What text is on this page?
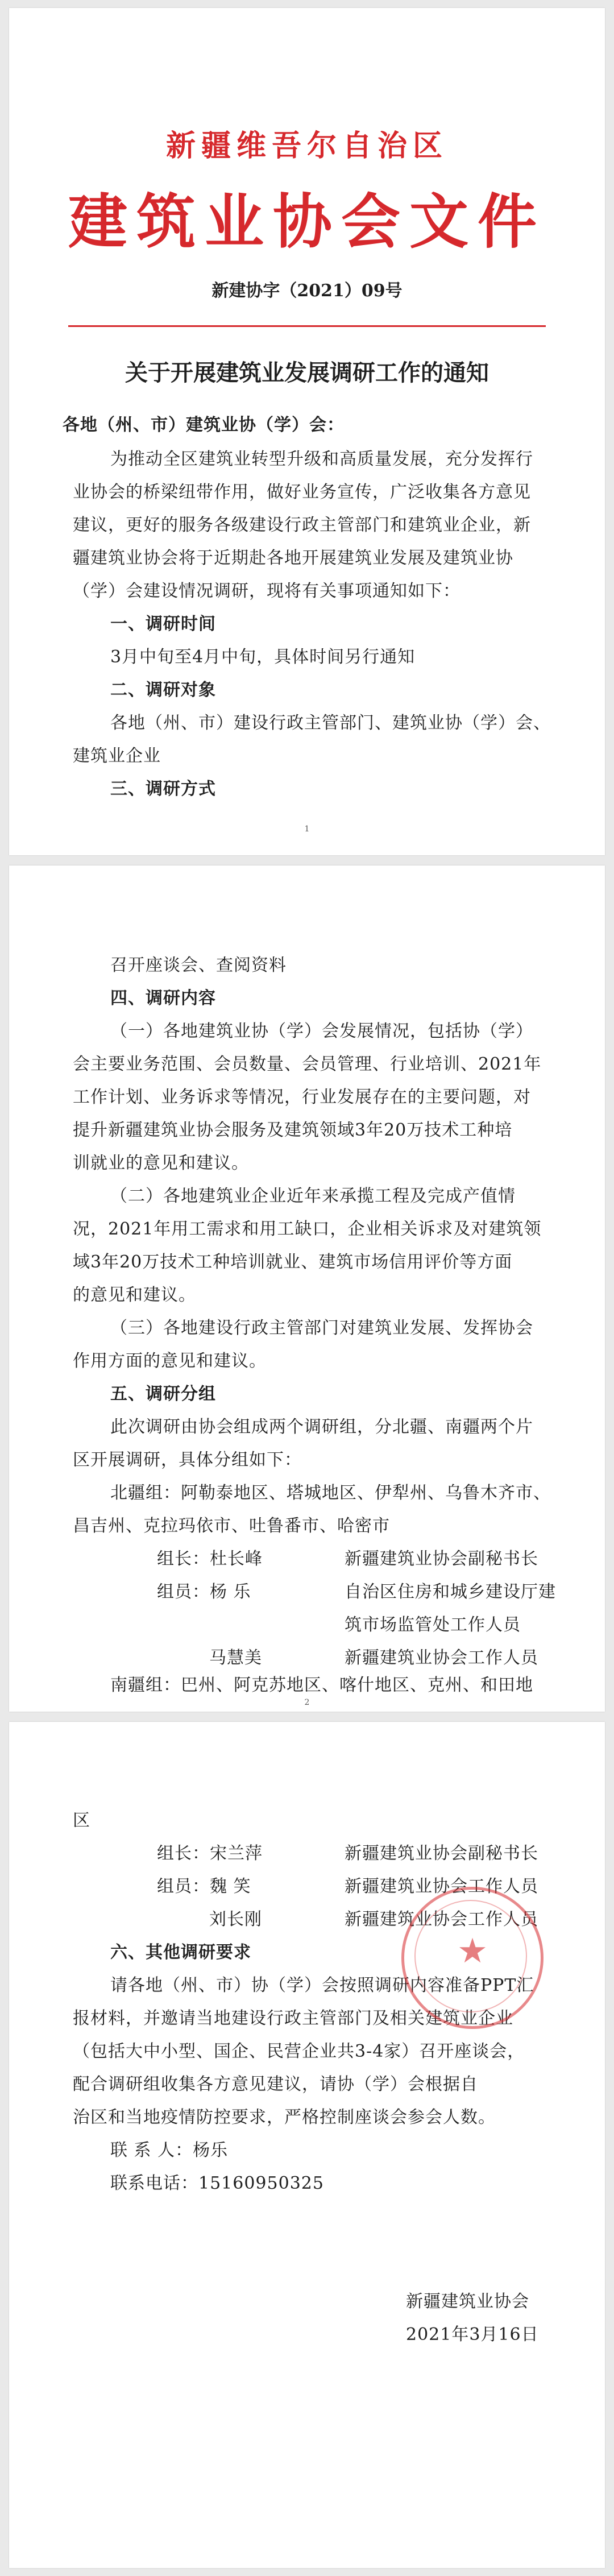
新疆维吾尔自治区
建筑业协会文件
新建协字（2021）09号
关于开展建筑业发展调研工作的通知
各地（州、市）建筑业协（学）会：
为推动全区建筑业转型升级和高质量发展，充分发挥行
业协会的桥梁纽带作用，做好业务宣传，广泛收集各方意见
建议，更好的服务各级建设行政主管部门和建筑业企业，新
疆建筑业协会将于近期赴各地开展建筑业发展及建筑业协
（学）会建设情况调研，现将有关事项通知如下：
一、调研时间
3月中旬至4月中旬，具体时间另行通知
二、调研对象
各地（州、市）建设行政主管部门、建筑业协（学）会、
建筑业企业
三、调研方式
1
召开座谈会、查阅资料
四、调研内容
（一）各地建筑业协（学）会发展情况，包括协（学）
会主要业务范围、会员数量、会员管理、行业培训、2021年
工作计划、业务诉求等情况，行业发展存在的主要问题，对
提升新疆建筑业协会服务及建筑领域3年20万技术工种培
训就业的意见和建议。
（二）各地建筑业企业近年来承揽工程及完成产值情
况，2021年用工需求和用工缺口，企业相关诉求及对建筑领
域3年20万技术工种培训就业、建筑市场信用评价等方面
的意见和建议。
（三）各地建设行政主管部门对建筑业发展、发挥协会
作用方面的意见和建议。
五、调研分组
此次调研由协会组成两个调研组，分北疆、南疆两个片
区开展调研，具体分组如下：
北疆组：阿勒泰地区、塔城地区、伊犁州、乌鲁木齐市、
昌吉州、克拉玛依市、吐鲁番市、哈密市
组长：杜长峰	新疆建筑业协会副秘书长
组员：杨 乐	自治区住房和城乡建设厅建
筑市场监管处工作人员
马慧美	新疆建筑业协会工作人员
南疆组：巴州、阿克苏地区、喀什地区、克州、和田地
2
区
组长：宋兰萍	新疆建筑业协会副秘书长
组员：魏 笑	新疆建筑业协会工作人员
刘长刚	新疆建筑业协会工作人员
六、其他调研要求
请各地（州、市）协（学）会按照调研内容准备PPT汇
报材料，并邀请当地建设行政主管部门及相关建筑业企业
（包括大中小型、国企、民营企业共3-4家）召开座谈会，
配合调研组收集各方意见建议，请协（学）会根据自
治区和当地疫情防控要求，严格控制座谈会参会人数。
联 系 人：杨乐
联系电话：15160950325
★
新疆建筑业协会
2021年3月16日
